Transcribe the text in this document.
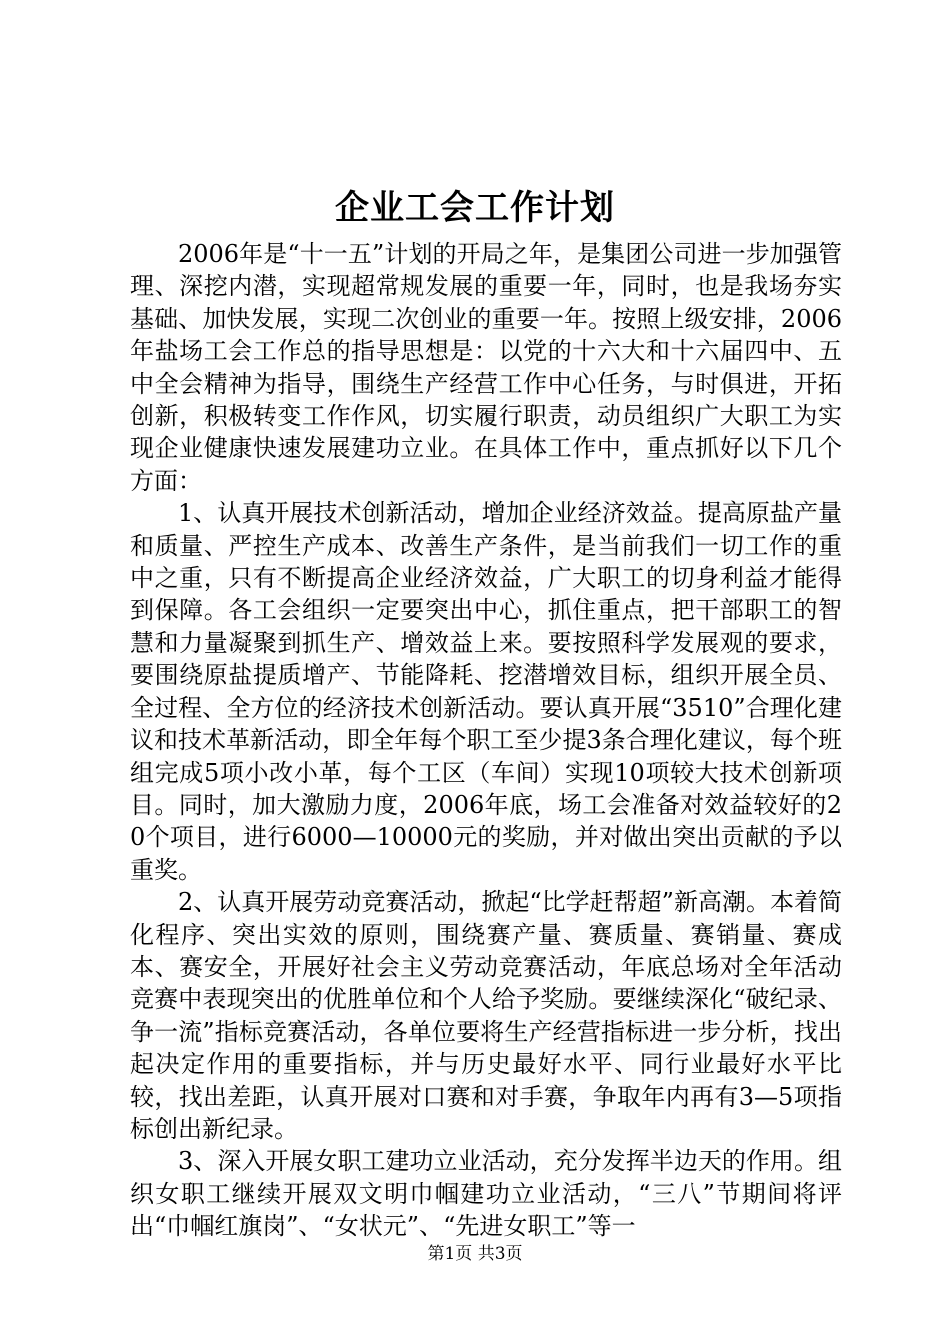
企业工会工作计划

2006年是“十一五”计划的开局之年，是集团公司进一步加强管理、深挖内潜，实现超常规发展的重要一年，同时，也是我场夯实基础、加快发展，实现二次创业的重要一年。按照上级安排，2006年盐场工会工作总的指导思想是：以党的十六大和十六届四中、五中全会精神为指导，围绕生产经营工作中心任务，与时俱进，开拓创新，积极转变工作作风，切实履行职责，动员组织广大职工为实现企业健康快速发展建功立业。在具体工作中，重点抓好以下几个方面：

1、认真开展技术创新活动，增加企业经济效益。提高原盐产量和质量、严控生产成本、改善生产条件，是当前我们一切工作的重中之重，只有不断提高企业经济效益，广大职工的切身利益才能得到保障。各工会组织一定要突出中心，抓住重点，把干部职工的智慧和力量凝聚到抓生产、增效益上来。要按照科学发展观的要求，要围绕原盐提质增产、节能降耗、挖潜增效目标，组织开展全员、全过程、全方位的经济技术创新活动。要认真开展“3510”合理化建议和技术革新活动，即全年每个职工至少提3条合理化建议，每个班组完成5项小改小革，每个工区（车间）实现10项较大技术创新项目。同时，加大激励力度，2006年底，场工会准备对效益较好的20个项目，进行6000—10000元的奖励，并对做出突出贡献的予以重奖。

2、认真开展劳动竞赛活动，掀起“比学赶帮超”新高潮。本着简化程序、突出实效的原则，围绕赛产量、赛质量、赛销量、赛成本、赛安全，开展好社会主义劳动竞赛活动，年底总场对全年活动竞赛中表现突出的优胜单位和个人给予奖励。要继续深化“破纪录、争一流”指标竞赛活动，各单位要将生产经营指标进一步分析，找出起决定作用的重要指标，并与历史最好水平、同行业最好水平比较，找出差距，认真开展对口赛和对手赛，争取年内再有3—5项指标创出新纪录。

3、深入开展女职工建功立业活动，充分发挥半边天的作用。组织女职工继续开展双文明巾帼建功立业活动，“三八”节期间将评出“巾帼红旗岗”、“女状元”、“先进女职工”等一

第1页 共3页
